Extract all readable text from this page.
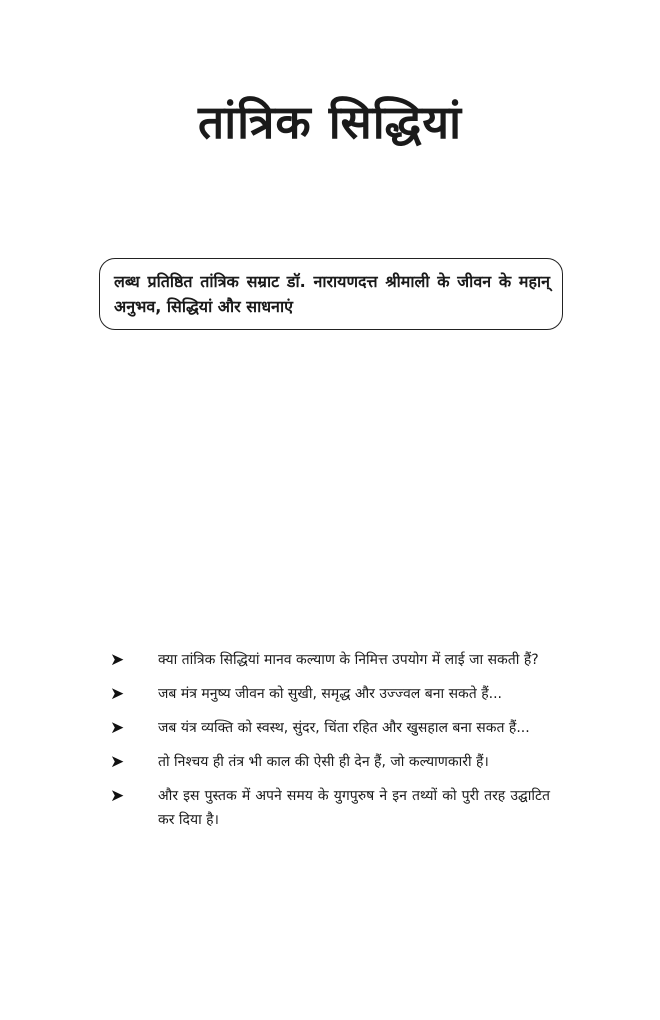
तांत्रिक सिद्धियां
लब्ध प्रतिष्ठित तांत्रिक सम्राट डॉ. नारायणदत्त श्रीमाली के जीवन के महान् अनुभव, सिद्धियां और साधनाएं
➤	क्या तांत्रिक सिद्धियां मानव कल्याण के निमित्त उपयोग में लाई जा सकती हैं?
➤	जब मंत्र मनुष्य जीवन को सुखी, समृद्ध और उज्ज्वल बना सकते हैं...
➤	जब यंत्र व्यक्ति को स्वस्थ, सुंदर, चिंता रहित और खुसहाल बना सकत हैं...
➤	तो निश्चय ही तंत्र भी काल की ऐसी ही देन हैं, जो कल्याणकारी हैं।
➤	और इस पुस्तक में अपने समय के युगपुरुष ने इन तथ्यों को पुरी तरह उद्घाटित कर दिया है।
